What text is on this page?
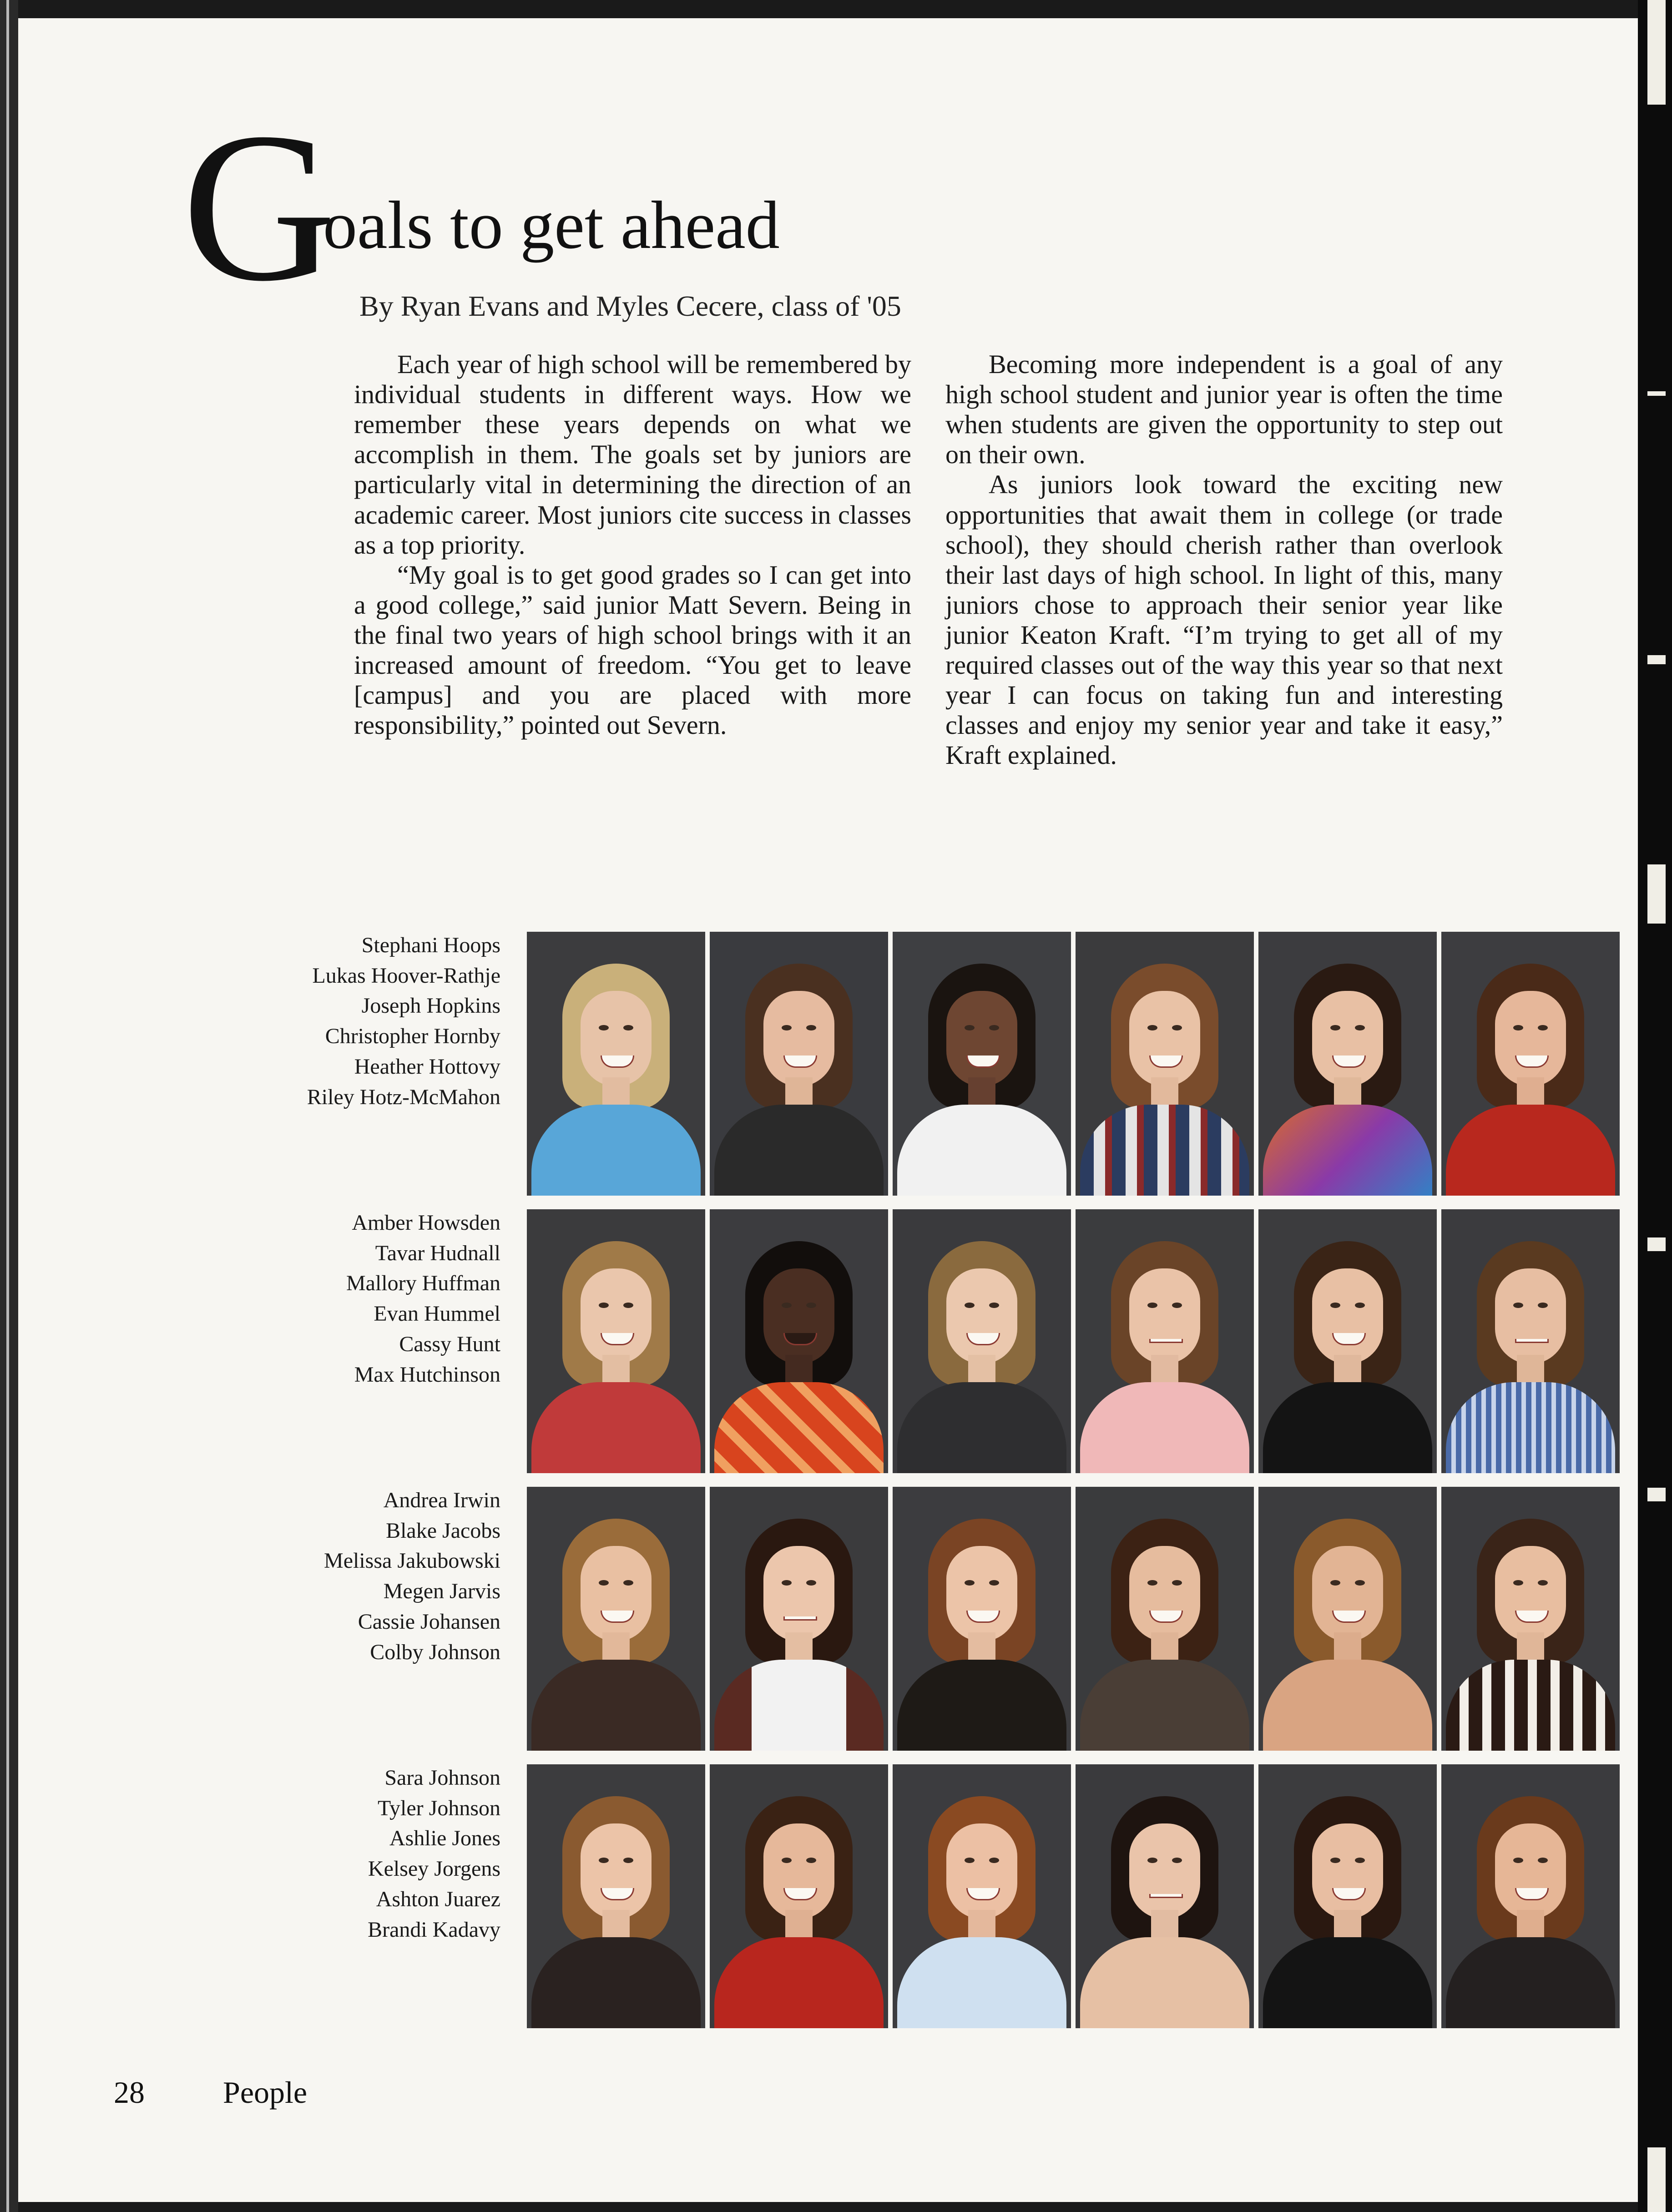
G
oals to get ahead
By Ryan Evans and Myles Cecere, class of '05

Each year of high school will be remembered by individual students in different ways. How we remember these years depends on what we accomplish in them. The goals set by juniors are particularly vital in determining the direction of an academic career. Most juniors cite success in classes as a top priority.

“My goal is to get good grades so I can get into a good college,” said junior Matt Severn. Being in the final two years of high school brings with it an increased amount of freedom. “You get to leave [campus] and you are placed with more responsibility,” pointed out Severn.

Becoming more independent is a goal of any high school student and junior year is often the time when students are given the opportunity to step out on their own.

As juniors look toward the exciting new opportunities that await them in college (or trade school), they should cherish rather than overlook their last days of high school. In light of this, many juniors chose to approach their senior year like junior Keaton Kraft. “I’m trying to get all of my required classes out of the way this year so that next year I can focus on taking fun and interesting classes and enjoy my senior year and take it easy,” Kraft explained.

Stephani Hoops
Lukas Hoover-Rathje
Joseph Hopkins
Christopher Hornby
Heather Hottovy
Riley Hotz-McMahon
Amber Howsden
Tavar Hudnall
Mallory Huffman
Evan Hummel
Cassy Hunt
Max Hutchinson
Andrea Irwin
Blake Jacobs
Melissa Jakubowski
Megen Jarvis
Cassie Johansen
Colby Johnson
Sara Johnson
Tyler Johnson
Ashlie Jones
Kelsey Jorgens
Ashton Juarez
Brandi Kadavy
28	People
